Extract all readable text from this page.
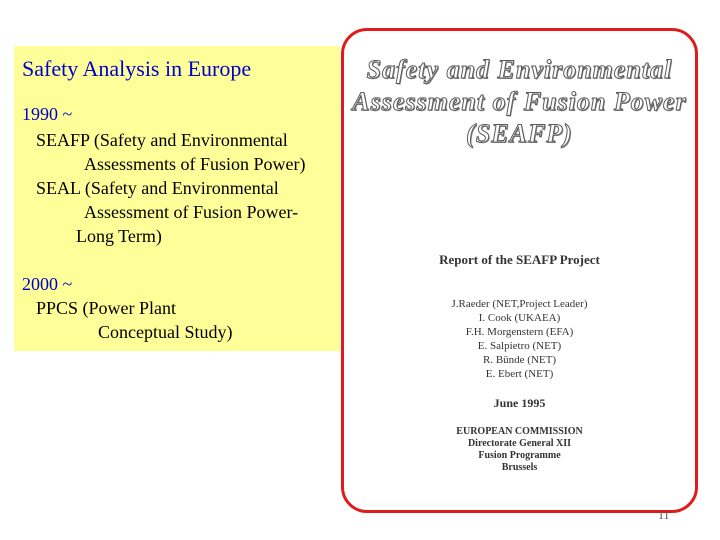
Safety Analysis in Europe
1990 ~
SEAFP (Safety and Environmental
Assessments of Fusion Power)
SEAL (Safety and Environmental
Assessment of Fusion Power-
Long Term)
2000 ~
PPCS (Power Plant
Conceptual Study)
Safety and Environmental
Assessment of Fusion Power
(SEAFP)
Report of the SEAFP Project
J.Raeder (NET,Project Leader)
I. Cook (UKAEA)
F.H. Morgenstern (EFA)
E. Salpietro (NET)
R. Bünde (NET)
E. Ebert (NET)
June 1995
EUROPEAN COMMISSION
Directorate General XII
Fusion Programme
Brussels
11
